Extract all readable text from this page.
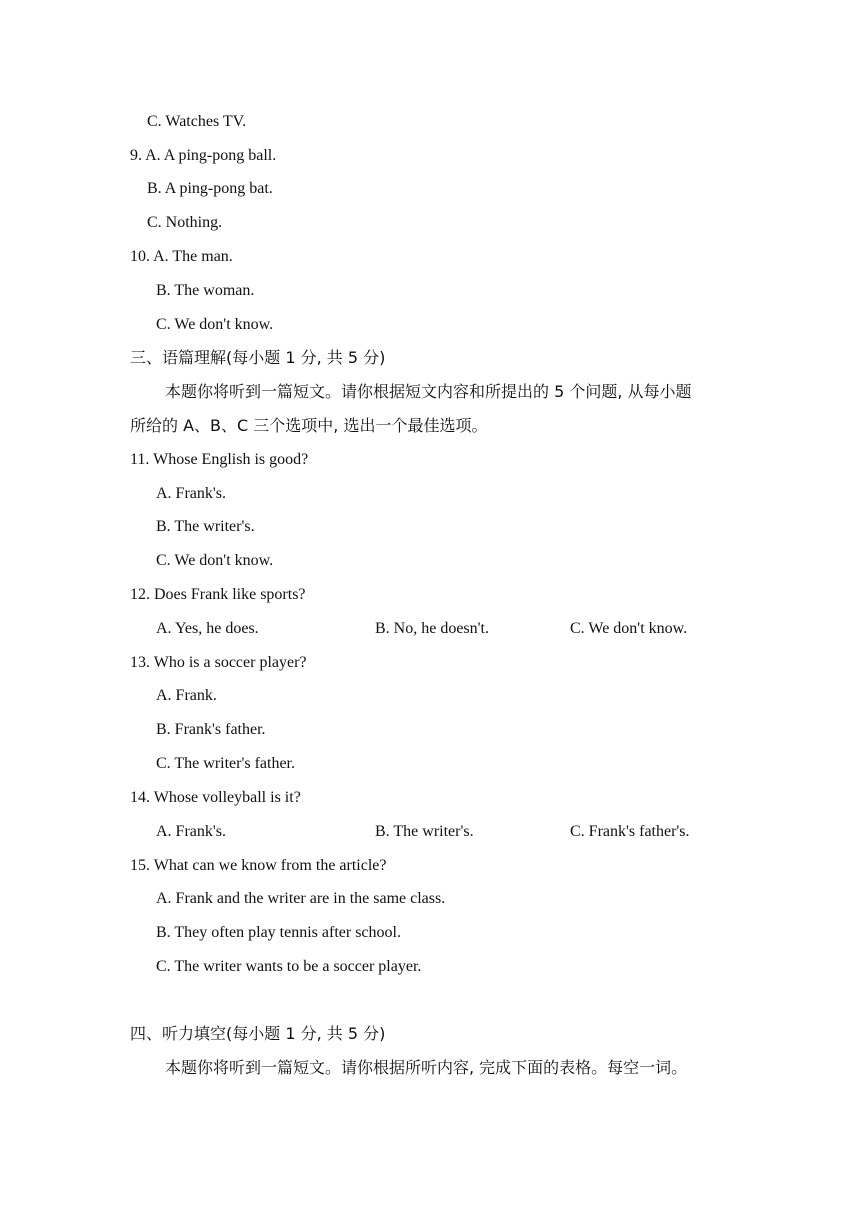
C. Watches TV.
9. A. A ping-pong ball.
B. A ping-pong bat.
C. Nothing.
10. A. The man.
B. The woman.
C. We don't know.
三、语篇理解(每小题 1 分, 共 5 分)
本题你将听到一篇短文。请你根据短文内容和所提出的 5 个问题, 从每小题
所给的 A、B、C 三个选项中, 选出一个最佳选项。
11. Whose English is good?
A. Frank's.
B. The writer's.
C. We don't know.
12. Does Frank like sports?
A. Yes, he does.	B. No, he doesn't.	C. We don't know.
13. Who is a soccer player?
A. Frank.
B. Frank's father.
C. The writer's father.
14. Whose volleyball is it?
A. Frank's.	B. The writer's.	C. Frank's father's.
15. What can we know from the article?
A. Frank and the writer are in the same class.
B. They often play tennis after school.
C. The writer wants to be a soccer player.
四、听力填空(每小题 1 分, 共 5 分)
本题你将听到一篇短文。请你根据所听内容, 完成下面的表格。每空一词。
